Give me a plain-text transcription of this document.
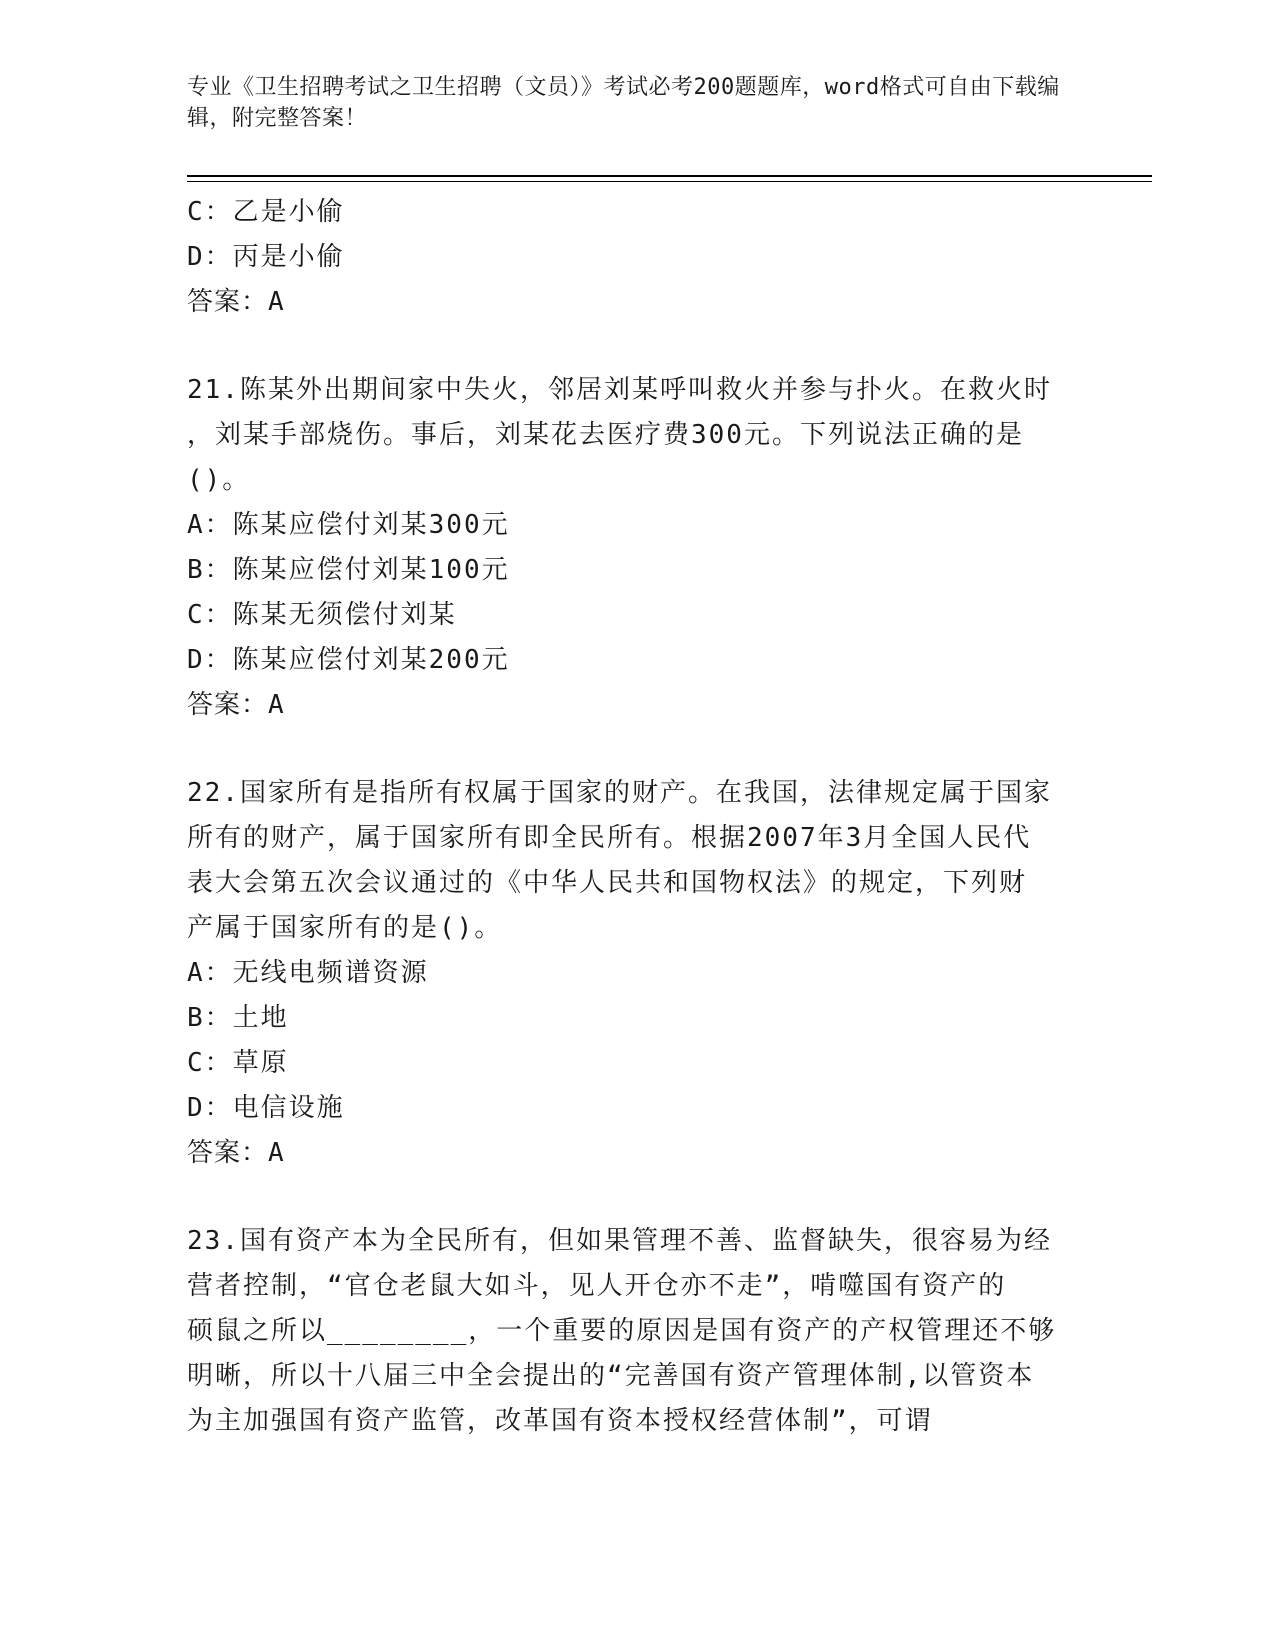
专业《卫生招聘考试之卫生招聘（文员）》考试必考200题题库，word格式可自由下载编辑，附完整答案！
C：乙是小偷
D：丙是小偷
答案：A
21.陈某外出期间家中失火，邻居刘某呼叫救火并参与扑火。在救火时
，刘某手部烧伤。事后，刘某花去医疗费300元。下列说法正确的是
()。
A：陈某应偿付刘某300元
B：陈某应偿付刘某100元
C：陈某无须偿付刘某
D：陈某应偿付刘某200元
答案：A
22.国家所有是指所有权属于国家的财产。在我国，法律规定属于国家
所有的财产，属于国家所有即全民所有。根据2007年3月全国人民代
表大会第五次会议通过的《中华人民共和国物权法》的规定，下列财
产属于国家所有的是()。
A：无线电频谱资源
B：土地
C：草原
D：电信设施
答案：A
23.国有资产本为全民所有，但如果管理不善、监督缺失，很容易为经
营者控制，“官仓老鼠大如斗，见人开仓亦不走”，啃噬国有资产的
硕鼠之所以________，一个重要的原因是国有资产的产权管理还不够
明晰，所以十八届三中全会提出的“完善国有资产管理体制,以管资本
为主加强国有资产监管，改革国有资本授权经营体制”，可谓
